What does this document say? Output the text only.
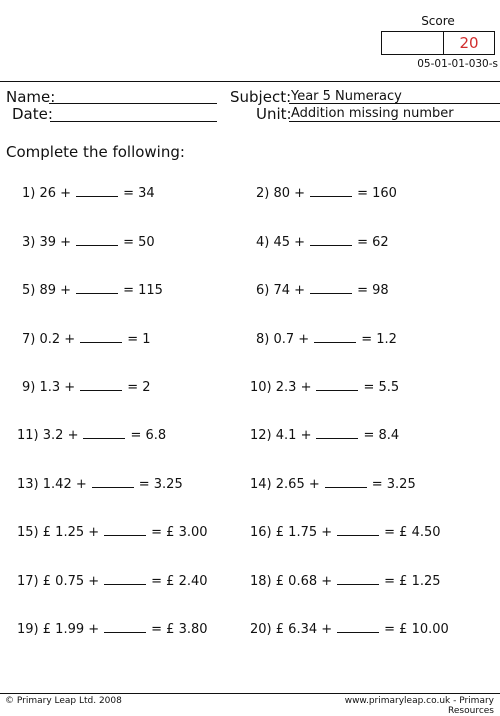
Score
20
05-01-01-030-s
Name:
Date:
Subject: Year 5 Numeracy
Unit: Addition missing number
Complete the following:
1) 26 +	= 34	2) 80 +	= 160
3) 39 +	= 50	4) 45 +	= 62
5) 89 +	= 115	6) 74 +	= 98
7) 0.2 +	= 1	8) 0.7 +	= 1.2
9) 1.3 +	= 2	10) 2.3 +	= 5.5
11) 3.2 +	= 6.8	12) 4.1 +	= 8.4
13) 1.42 +	= 3.25	14) 2.65 +	= 3.25
15) £ 1.25 +	= £ 3.00	16) £ 1.75 +	= £ 4.50
17) £ 0.75 +	= £ 2.40	18) £ 0.68 +	= £ 1.25
19) £ 1.99 +	= £ 3.80	20) £ 6.34 +	= £ 10.00
© Primary Leap Ltd. 2008	www.primaryleap.co.uk - Primary Resources
